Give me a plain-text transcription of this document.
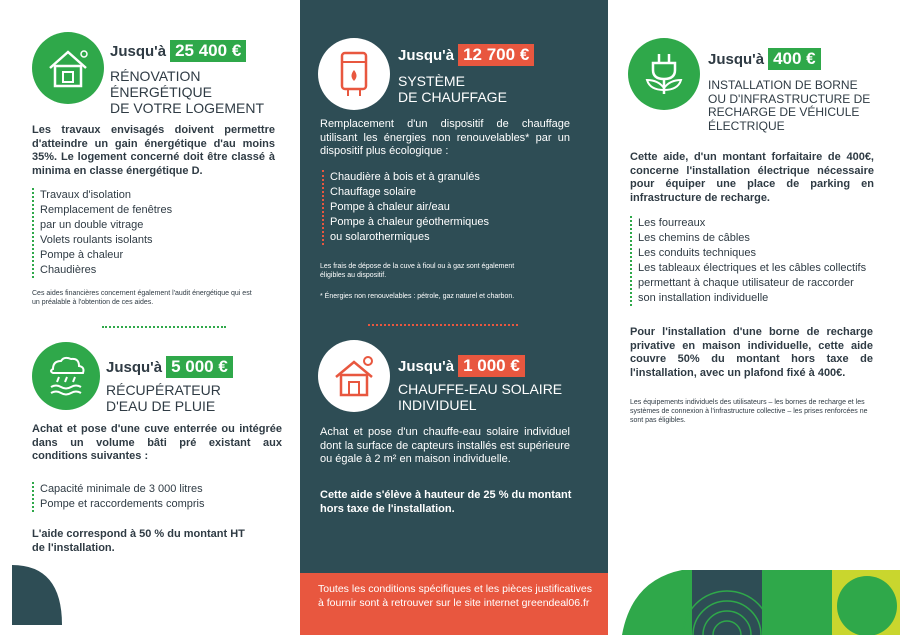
Jusqu'à 25 400 €
RÉNOVATION
ÉNERGÉTIQUE
DE VOTRE LOGEMENT

Les travaux envisagés doivent permettre d'atteindre un gain énergétique d'au moins 35%. Le logement concerné doit être classé à minima en classe énergétique D.

Travaux d'isolation
Remplacement de fenêtres
par un double vitrage
Volets roulants isolants
Pompe à chaleur
Chaudières

Ces aides financières concernent également l'audit énergétique qui est un préalable à l'obtention de ces aides.

Jusqu'à 5 000 €
RÉCUPÉRATEUR
D'EAU DE PLUIE

Achat et pose d'une cuve enterrée ou intégrée dans un volume bâti pré existant aux conditions suivantes :

Capacité minimale de 3 000 litres
Pompe et raccordements compris

L'aide correspond à 50 % du montant HT de l'installation.

Jusqu'à 12 700 €
SYSTÈME
DE CHAUFFAGE

Remplacement d'un dispositif de chauffage utilisant les énergies non renouvelables* par un dispositif plus écologique :

Chaudière à bois et à granulés
Chauffage solaire
Pompe à chaleur air/eau
Pompe à chaleur géothermiques
ou solarothermiques

Les frais de dépose de la cuve à fioul ou à gaz sont également éligibles au dispositif.

* Énergies non renouvelables : pétrole, gaz naturel et charbon.

Jusqu'à 1 000 €
CHAUFFE-EAU SOLAIRE
INDIVIDUEL

Achat et pose d'un chauffe-eau solaire individuel dont la surface de capteurs installés est supérieure ou égale à 2 m² en maison individuelle.

Cette aide s'élève à hauteur de 25 % du montant hors taxe de l'installation.

Toutes les conditions spécifiques et les pièces justificatives à fournir sont à retrouver sur le site internet greendeal06.fr

Jusqu'à 400 €
INSTALLATION DE BORNE
OU D'INFRASTRUCTURE DE
RECHARGE DE VÉHICULE
ÉLECTRIQUE

Cette aide, d'un montant forfaitaire de 400€, concerne l'installation électrique nécessaire pour équiper une place de parking en infrastructure de recharge.

Les fourreaux
Les chemins de câbles
Les conduits techniques
Les tableaux électriques et les câbles collectifs
permettant à chaque utilisateur de raccorder
son installation individuelle

Pour l'installation d'une borne de recharge privative en maison individuelle, cette aide couvre 50% du montant hors taxe de l'installation, avec un plafond fixé à 400€.

Les équipements individuels des utilisateurs – les bornes de recharge et les systèmes de connexion à l'infrastructure collective – les prises renforcées ne sont pas éligibles.
